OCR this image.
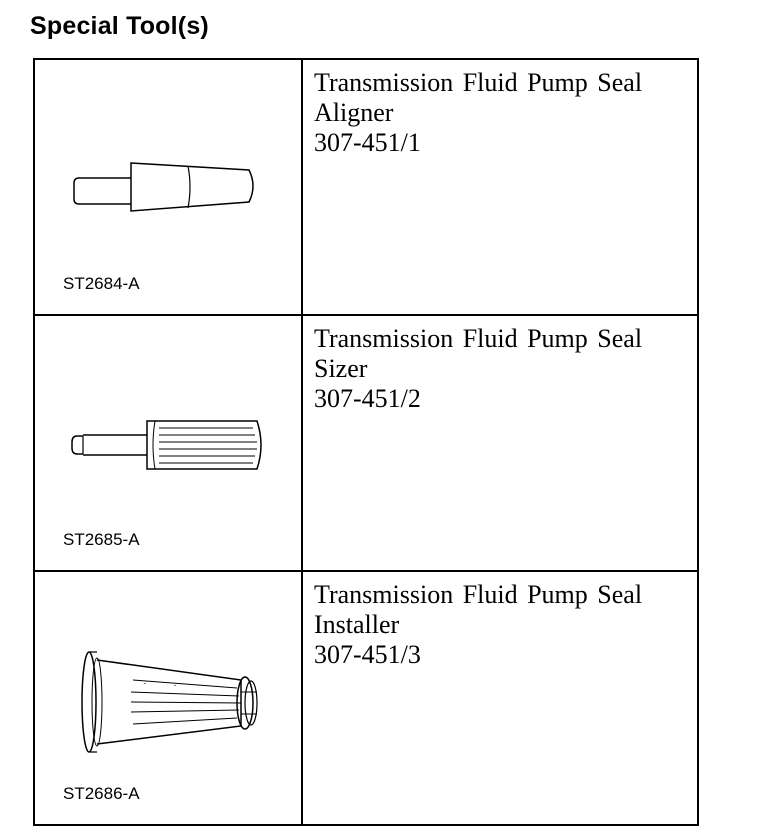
Special Tool(s)
ST2684-A
Transmission Fluid Pump Seal
Aligner
307-451/1
ST2685-A
Transmission Fluid Pump Seal
Sizer
307-451/2
ST2686-A
Transmission Fluid Pump Seal
Installer
307-451/3
